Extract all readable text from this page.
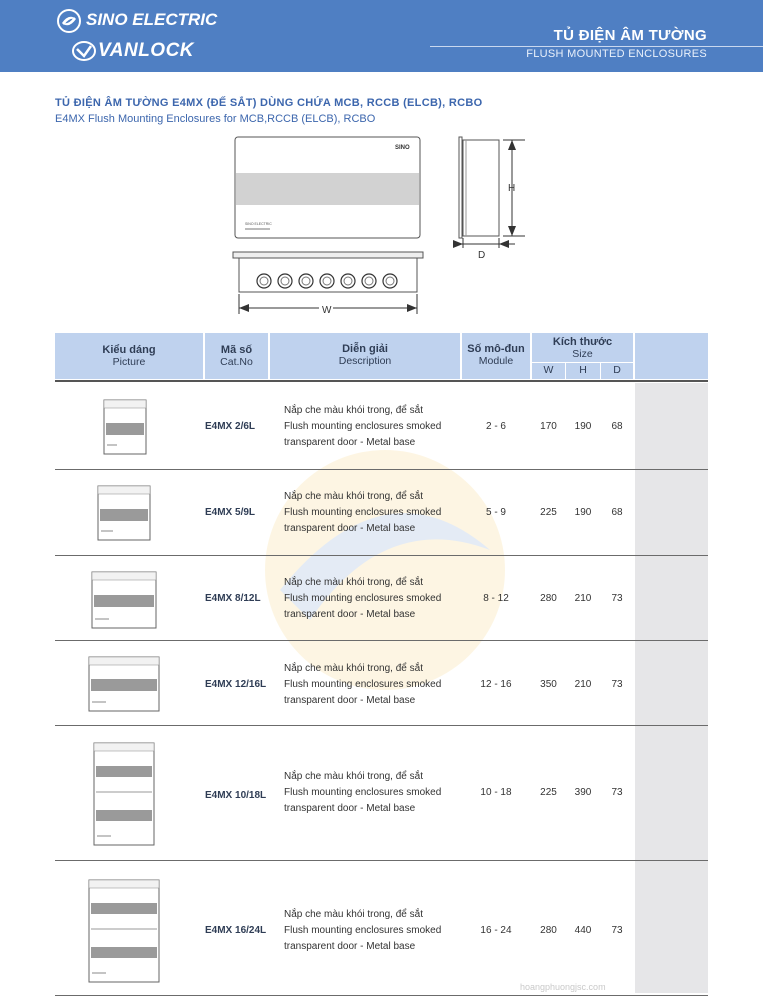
SINO ELECTRIC
VANLOCK
TỦ ĐIỆN ÂM TƯỜNG
FLUSH MOUNTED ENCLOSURES
TỦ ĐIỆN ÂM TƯỜNG E4MX (ĐẾ SẮT) DÙNG CHỨA MCB, RCCB (ELCB), RCBO
E4MX Flush Mounting Enclosures for MCB,RCCB (ELCB), RCBO
SINO
SINO ELECTRIC
H
D
W
Kiểu dáng
Picture
Mã số
Cat.No
Diễn giải
Description
Số mô-đun
Module
Kích thước
Size
W	H	D
E4MX 2/6L
Nắp che màu khói trong, để sắt
Flush mounting enclosures smoked
transparent door - Metal base
2 - 6	170	190	68
E4MX 5/9L
Nắp che màu khói trong, để sắt
Flush mounting enclosures smoked
transparent door - Metal base
5 - 9	225	190	68
E4MX 8/12L
Nắp che màu khói trong, để sắt
Flush mounting enclosures smoked
transparent door - Metal base
8 - 12	280	210	73
E4MX 12/16L
Nắp che màu khói trong, để sắt
Flush mounting enclosures smoked
transparent door - Metal base
12 - 16	350	210	73
E4MX 10/18L
Nắp che màu khói trong, để sắt
Flush mounting enclosures smoked
transparent door - Metal base
10 - 18	225	390	73
E4MX 16/24L
Nắp che màu khói trong, để sắt
Flush mounting enclosures smoked
transparent door - Metal base
16 - 24	280	440	73
hoangphuongjsc.com
